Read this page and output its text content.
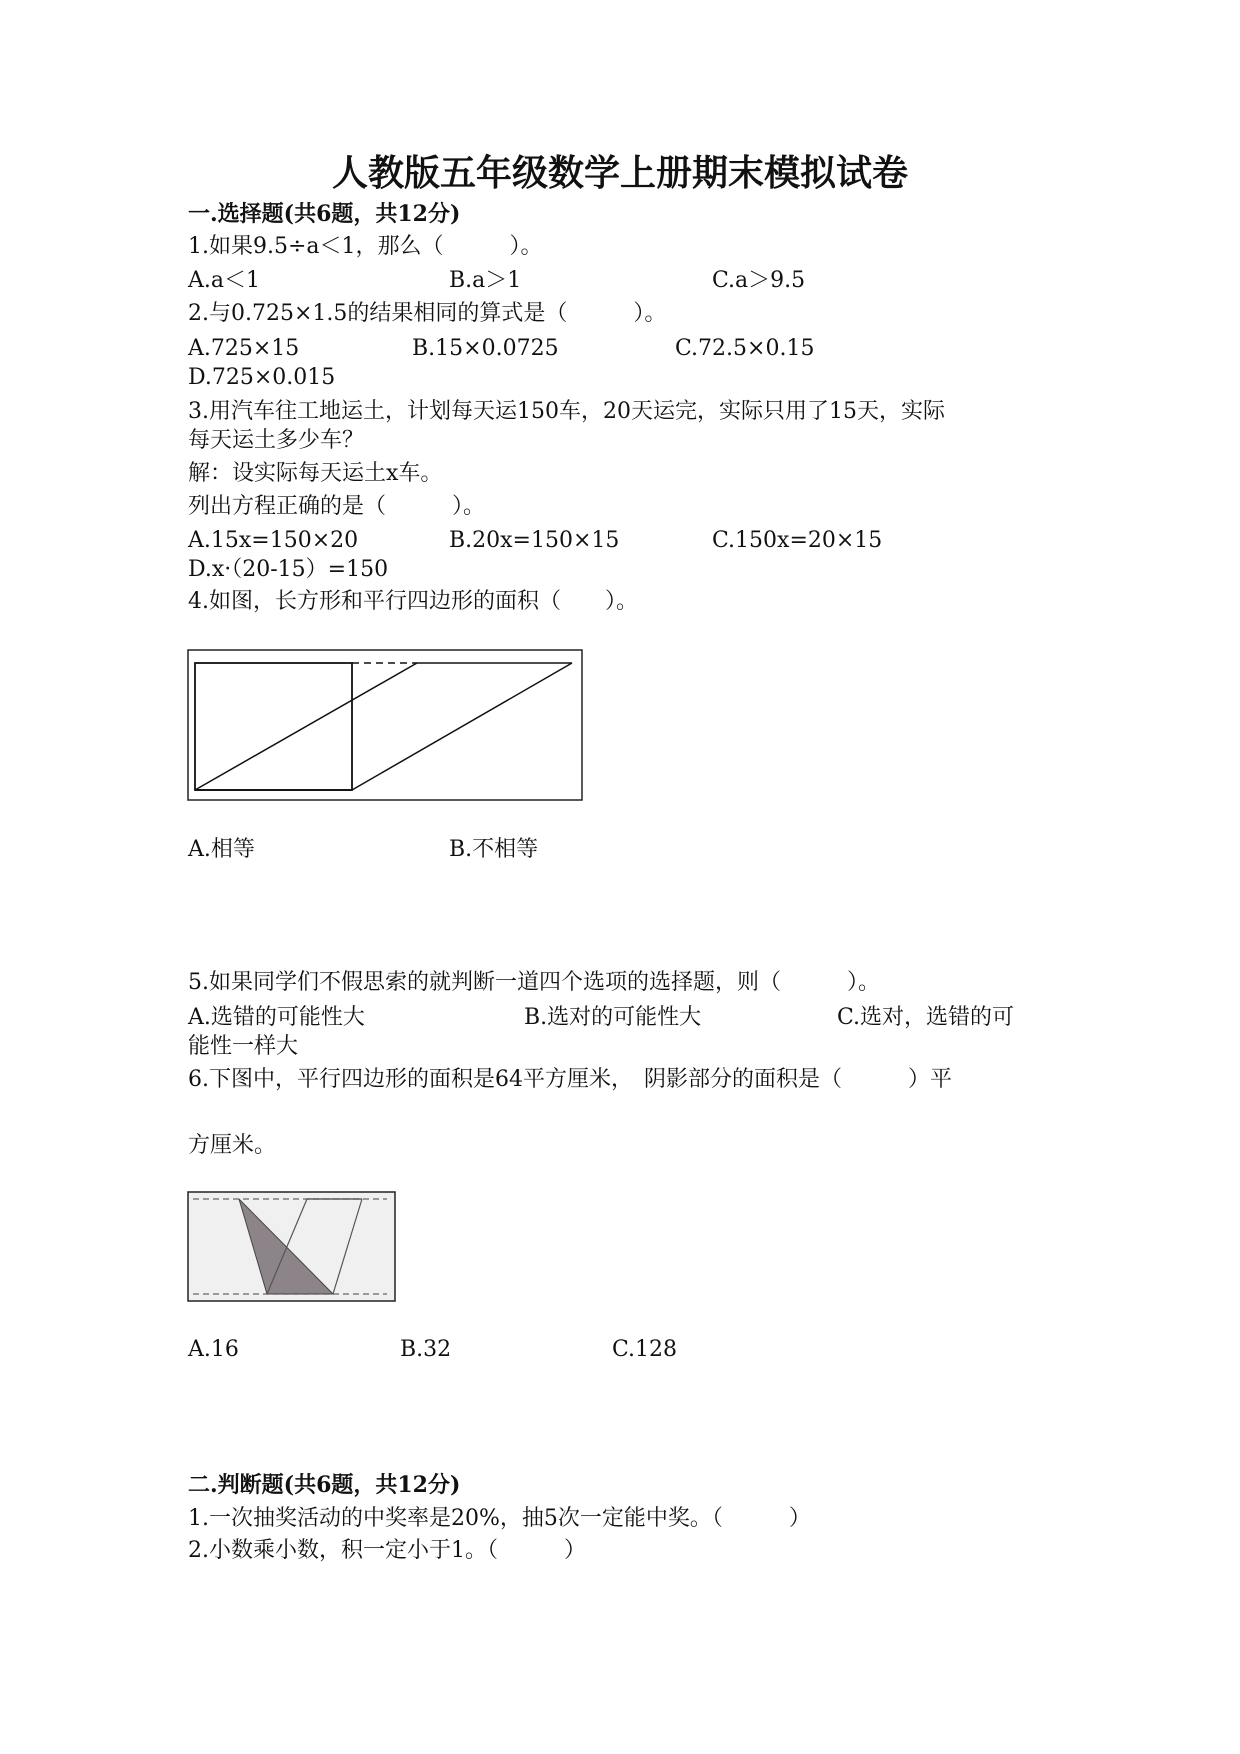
人教版五年级数学上册期末模拟试卷
一.选择题(共6题，共12分)
1.如果9.5÷a＜1，那么（　　　）。
A.a＜1	B.a＞1	C.a＞9.5
2.与0.725×1.5的结果相同的算式是（　　　）。
A.725×15	B.15×0.0725	C.72.5×0.15
D.725×0.015
3.用汽车往工地运土，计划每天运150车，20天运完，实际只用了15天，实际
每天运土多少车？
解：设实际每天运土x车。
列出方程正确的是（　　　）。
A.15x=150×20	B.20x=150×15	C.150x=20×15
D.x·（20-15）=150
4.如图，长方形和平行四边形的面积（　　）。
A.相等	B.不相等
5.如果同学们不假思索的就判断一道四个选项的选择题，则（　　　）。
A.选错的可能性大	B.选对的可能性大	C.选对，选错的可
能性一样大
6.下图中，平行四边形的面积是64平方厘米，　阴影部分的面积是（　　　）平
方厘米。
A.16	B.32	C.128
二.判断题(共6题，共12分)
1.一次抽奖活动的中奖率是20%，抽5次一定能中奖。（　　　）
2.小数乘小数，积一定小于1。（　　　）
